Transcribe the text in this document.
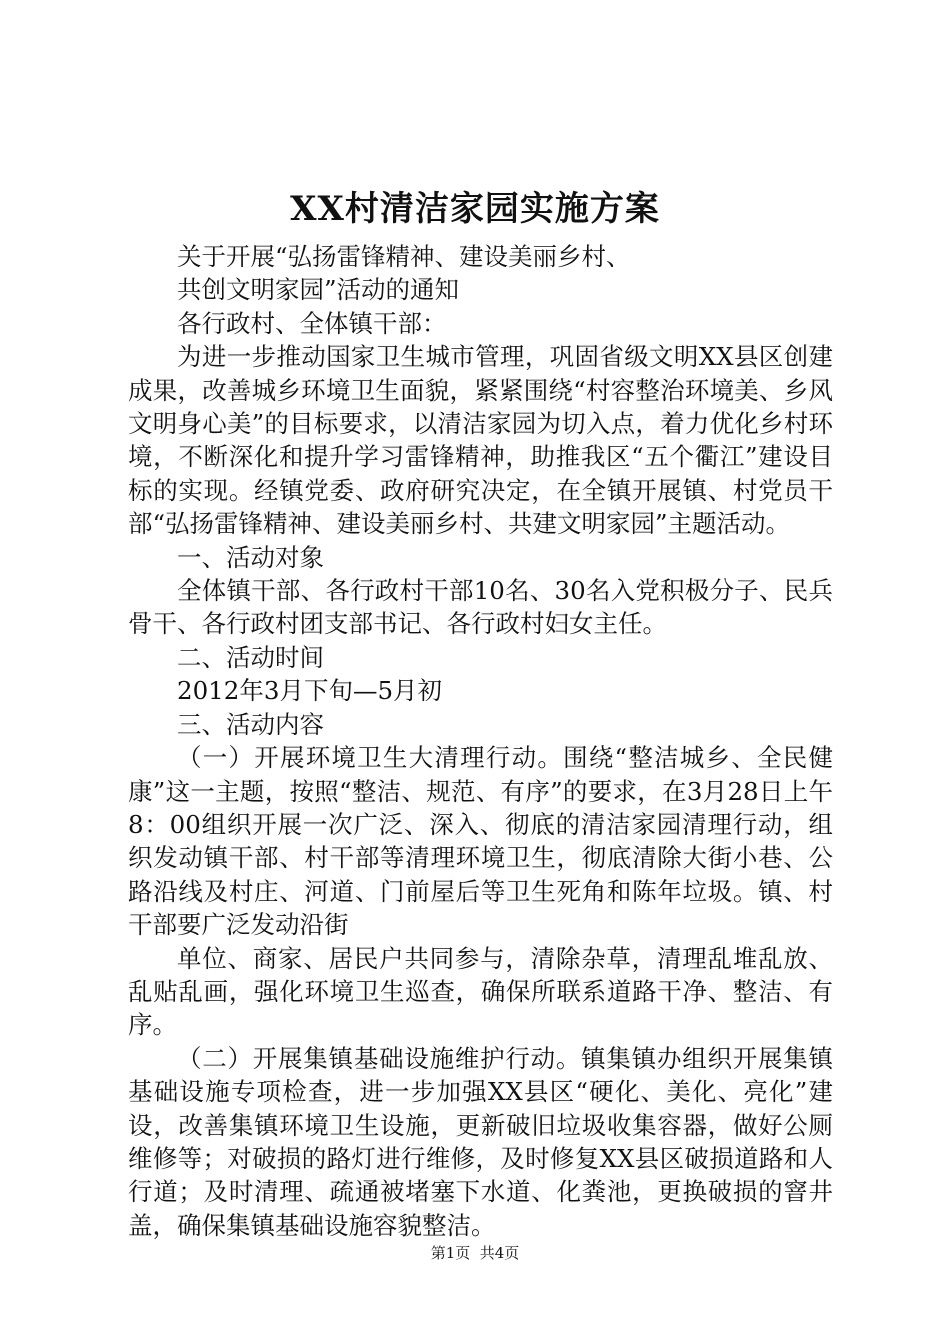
XX村清洁家园实施方案

关于开展“弘扬雷锋精神、建设美丽乡村、

共创文明家园”活动的通知

各行政村、全体镇干部：

为进一步推动国家卫生城市管理，巩固省级文明XX县区创建成果，改善城乡环境卫生面貌，紧紧围绕“村容整治环境美、乡风文明身心美”的目标要求，以清洁家园为切入点，着力优化乡村环境，不断深化和提升学习雷锋精神，助推我区“五个衢江”建设目标的实现。经镇党委、政府研究决定，在全镇开展镇、村党员干部“弘扬雷锋精神、建设美丽乡村、共建文明家园”主题活动。

一、活动对象

全体镇干部、各行政村干部10名、30名入党积极分子、民兵骨干、各行政村团支部书记、各行政村妇女主任。

二、活动时间

2012年3月下旬—5月初

三、活动内容

（一）开展环境卫生大清理行动。围绕“整洁城乡、全民健康”这一主题，按照“整洁、规范、有序”的要求，在3月28日上午8：00组织开展一次广泛、深入、彻底的清洁家园清理行动，组织发动镇干部、村干部等清理环境卫生，彻底清除大街小巷、公路沿线及村庄、河道、门前屋后等卫生死角和陈年垃圾。镇、村干部要广泛发动沿街

单位、商家、居民户共同参与，清除杂草，清理乱堆乱放、乱贴乱画，强化环境卫生巡查，确保所联系道路干净、整洁、有序。

（二）开展集镇基础设施维护行动。镇集镇办组织开展集镇基础设施专项检查，进一步加强XX县区“硬化、美化、亮化”建设，改善集镇环境卫生设施，更新破旧垃圾收集容器，做好公厕维修等；对破损的路灯进行维修，及时修复XX县区破损道路和人行道；及时清理、疏通被堵塞下水道、化粪池，更换破损的窨井盖，确保集镇基础设施容貌整洁。

第1页  共4页
